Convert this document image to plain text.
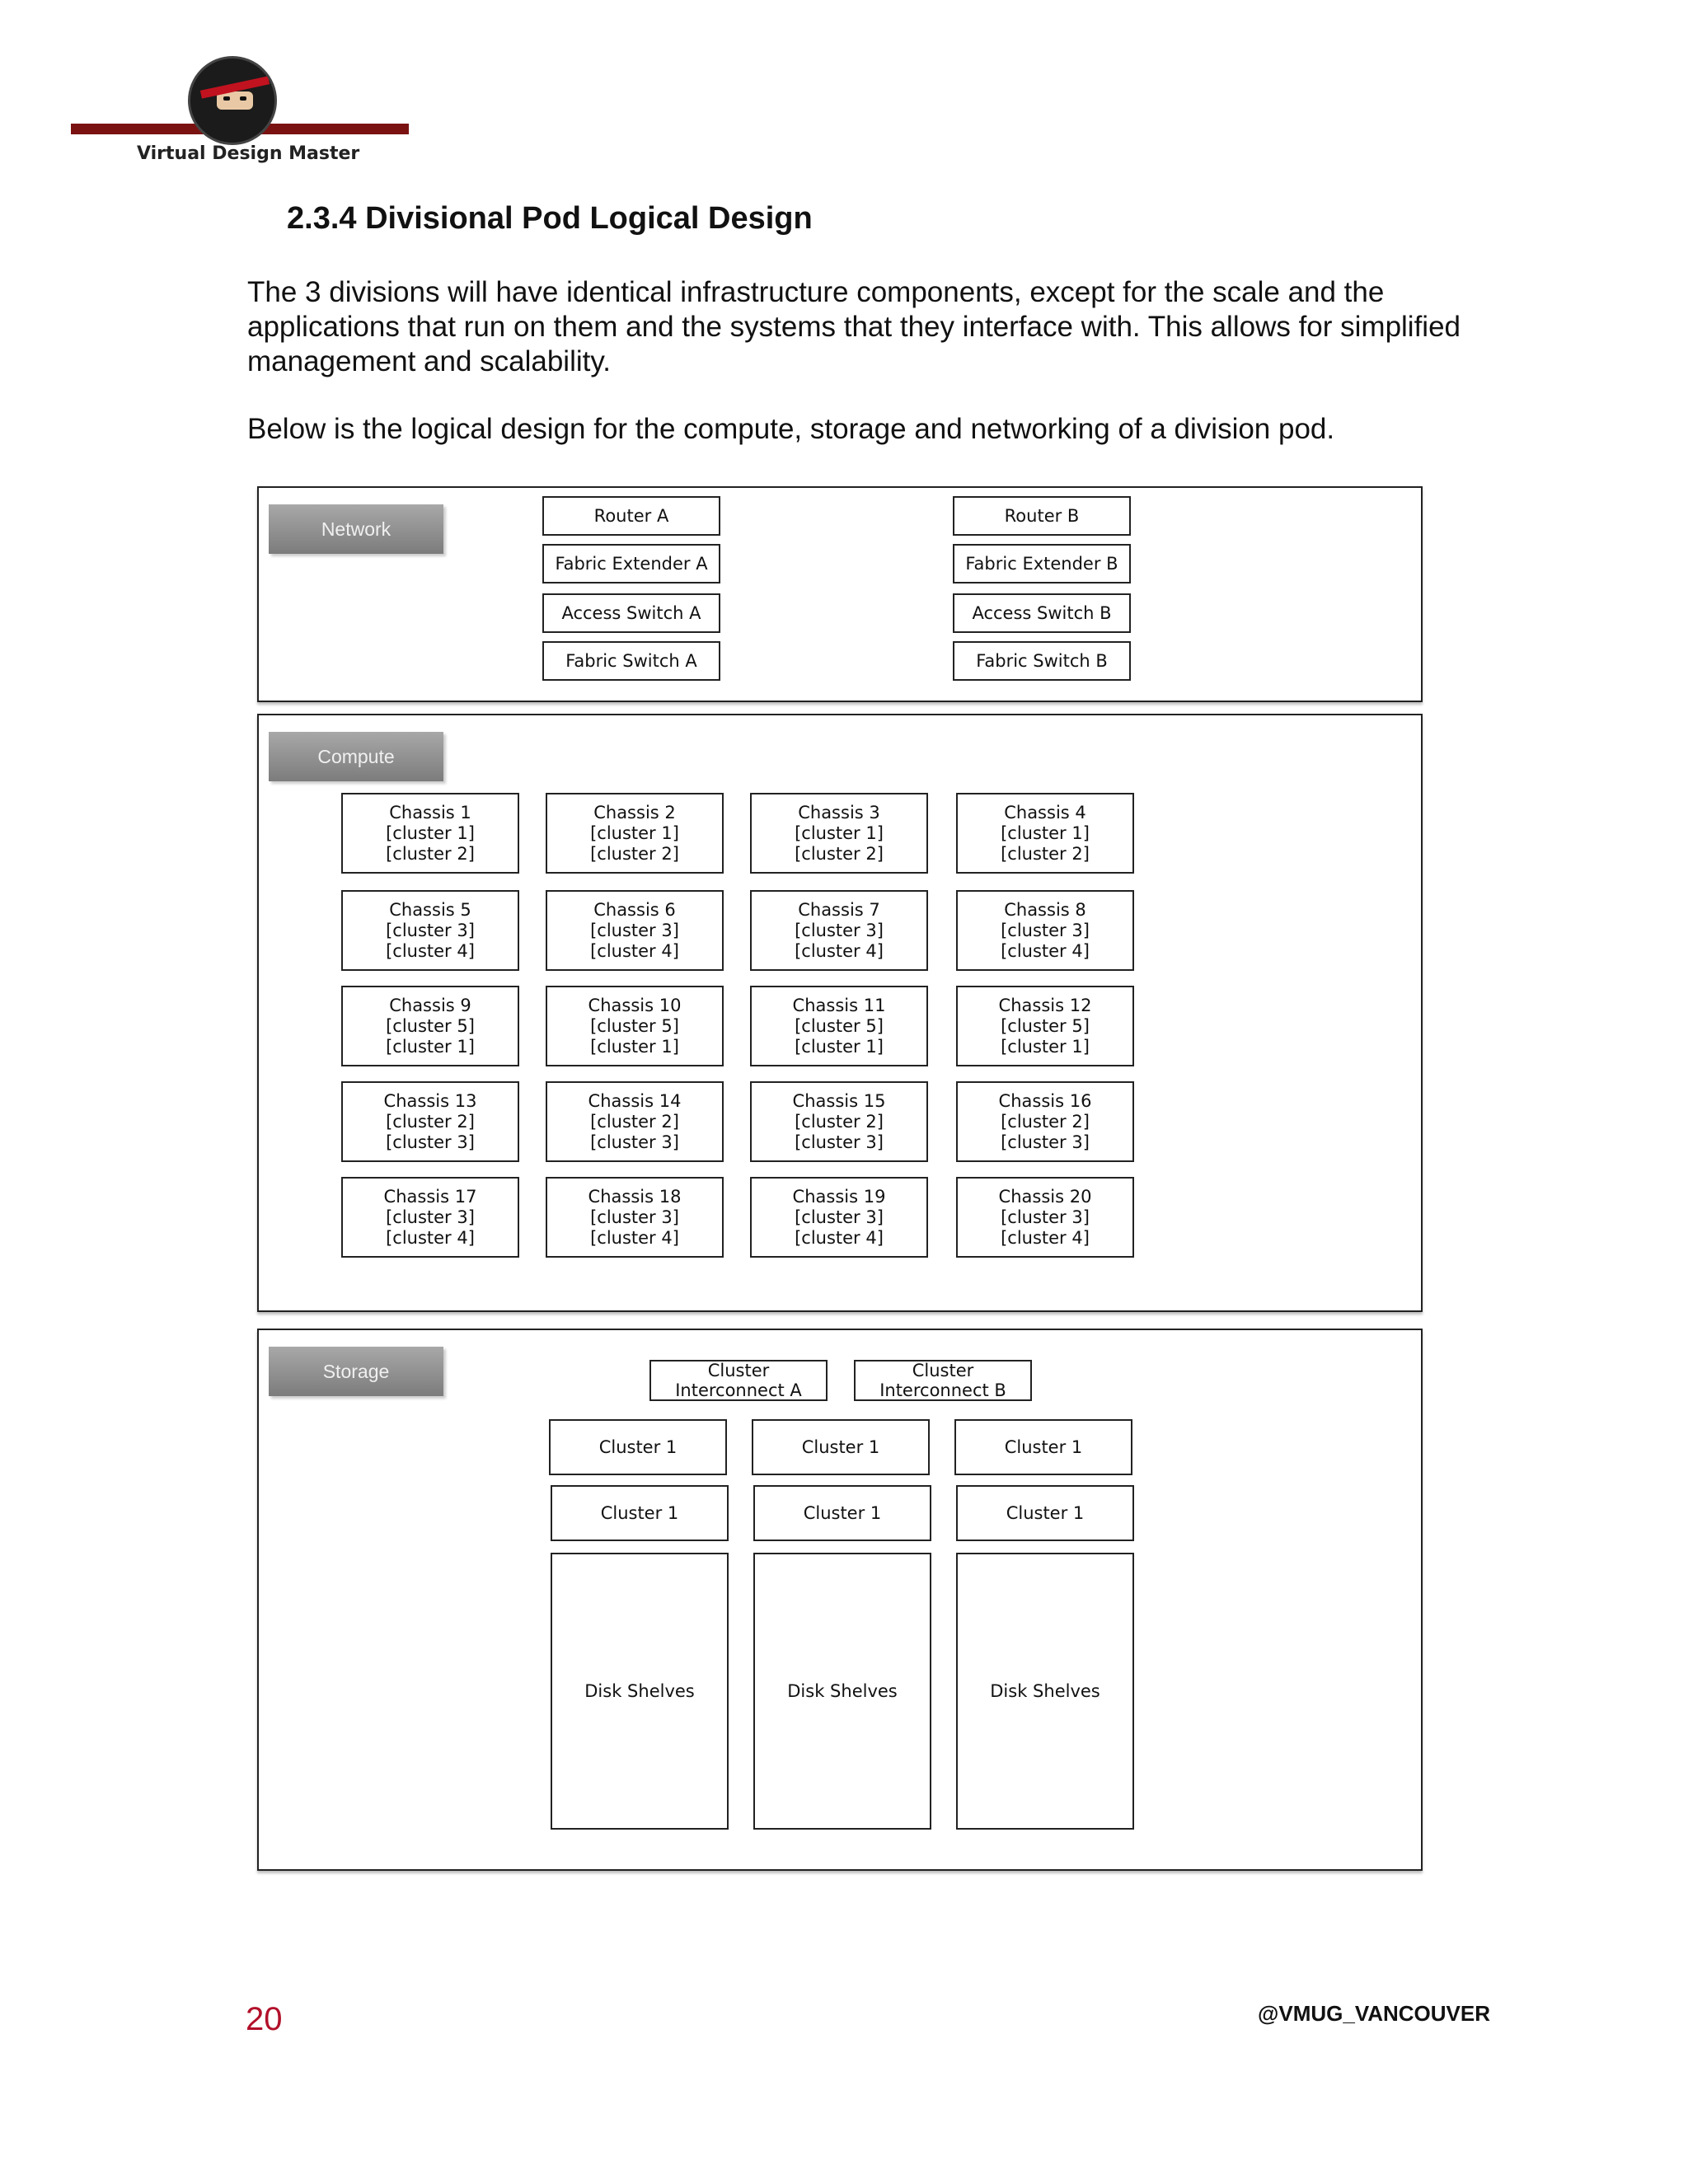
Virtual Design Master
2.3.4 Divisional Pod Logical Design

The 3 divisions will have identical infrastructure components, except for the scale and the applications that run on them and the systems that they interface with. This allows for simplified management and scalability.

Below is the logical design for the compute, storage and networking of a division pod.

Network
Router A
Fabric Extender A
Access Switch A
Fabric Switch A
Router B
Fabric Extender B
Access Switch B
Fabric Switch B
Compute
Chassis 1
[cluster 1]
[cluster 2]
Chassis 2
[cluster 1]
[cluster 2]
Chassis 3
[cluster 1]
[cluster 2]
Chassis 4
[cluster 1]
[cluster 2]
Chassis 5
[cluster 3]
[cluster 4]
Chassis 6
[cluster 3]
[cluster 4]
Chassis 7
[cluster 3]
[cluster 4]
Chassis 8
[cluster 3]
[cluster 4]
Chassis 9
[cluster 5]
[cluster 1]
Chassis 10
[cluster 5]
[cluster 1]
Chassis 11
[cluster 5]
[cluster 1]
Chassis 12
[cluster 5]
[cluster 1]
Chassis 13
[cluster 2]
[cluster 3]
Chassis 14
[cluster 2]
[cluster 3]
Chassis 15
[cluster 2]
[cluster 3]
Chassis 16
[cluster 2]
[cluster 3]
Chassis 17
[cluster 3]
[cluster 4]
Chassis 18
[cluster 3]
[cluster 4]
Chassis 19
[cluster 3]
[cluster 4]
Chassis 20
[cluster 3]
[cluster 4]
Storage	Cluster
Interconnect A
Cluster
Interconnect B
Cluster 1	Cluster 1	Cluster 1
Cluster 1	Cluster 1	Cluster 1
Disk Shelves	Disk Shelves	Disk Shelves
20	@VMUG_VANCOUVER
